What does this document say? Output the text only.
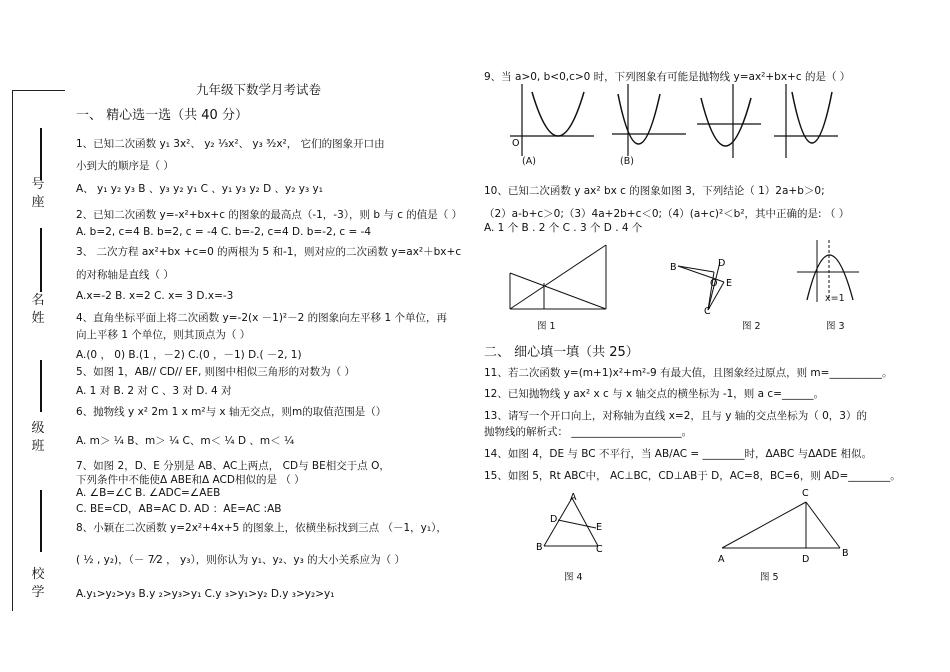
号
座
名
姓
级
班
校
学
九年级下数学月考试卷
一、 精心选一选（共 40 分）
1、已知二次函数 y₁ 3x²、 y₂ ¹⁄₃x²、 y₃ ³⁄₂x²， 它们的图象开口由
小到大的顺序是（ ）
A、 y₁ y₂ y₃ B 、y₃ y₂ y₁ C 、y₁ y₃ y₂ D 、y₂ y₃ y₁
2、已知二次函数 y=-x²+bx+c 的图象的最高点（-1，-3），则 b 与 c 的值是（ ）
A. b=2, c=4 B. b=2, c = -4 C. b=-2, c=4 D. b=-2, c = -4
3、 二次方程 ax²+bx +c=0 的两根为 5 和-1，则对应的二次函数 y=ax²＋bx+c
的对称轴是直线（ ）
A.x=-2 B. x=2 C. x= 3 D.x=-3
4、直角坐标平面上将二次函数 y=-2(x －1)²－2 的图象向左平移 1 个单位，再
向上平移 1 个单位，则其顶点为（ ）
A.(0 ， 0) B.(1 ，－2) C.(0 ，－1) D.( －2, 1)
5、如图 1，AB// CD// EF, 则图中相似三角形的对数为（ ）
A. 1 对 B. 2 对 C 、3 对 D. 4 对
6、抛物线 y x² 2m 1 x m²与 x 轴无交点，则m的取值范围是（）
A. m＞ ¼ B、m＞ ¼ C、m＜ ¼ D 、m＜ ¼
7、如图 2，D、E 分别是 AB、AC上两点， CD与 BE相交于点 O，
下列条件中不能使Δ ABE和Δ ACD相似的是 （ ）
A. ∠B=∠C B. ∠ADC=∠AEB
C. BE=CD，AB=AC D. AD ：AE=AC :AB
8、小颖在二次函数 y=2x²+4x+5 的图象上，依横坐标找到三点 （－1，y₁），
( ½ , y₂)，（－ 7⁄2 ， y₃），则你认为 y₁、y₂、y₃ 的大小关系应为（ ）
A.y₁>y₂>y₃ B.y ₂>y₃>y₁ C.y ₃>y₁>y₂ D.y ₃>y₂>y₁
9、当 a>0, b<0,c>0 时，下列图象有可能是抛物线 y=ax²+bx+c 的是（ ）
O
(A)	(B)
10、已知二次函数 y ax² bx c 的图象如图 3，下列结论（ 1）2a+b＞0;
（2）a-b+c＞0;（3）4a+2b+c＜0;（4）(a+c)²＜b²，其中正确的是: （ ）
A. 1 个 B . 2 个 C . 3 个 D . 4 个
图 1
B	D
E
C
O
图 2
x=1
图 3
二、 细心填一填（共 25）
11、若二次函数 y=(m+1)x²+m²-9 有最大值，且图象经过原点，则 m=__________。
12、已知抛物线 y ax² x c 与 x 轴交点的横坐标为 -1，则 a c=______。
13、请写一个开口向上，对称轴为直线 x=2，且与 y 轴的交点坐标为（ 0，3）的
抛物线的解析式： _____________________。
14、如图 4，DE 与 BC 不平行，当 AB/AC = ________时，ΔABC 与ΔADE 相似。
15、如图 5，Rt ABC中， AC⊥BC，CD⊥AB于 D，AC=8，BC=6，则 AD=________。
A
B	C
D
E
图 4
C
A
B
D
图 5
